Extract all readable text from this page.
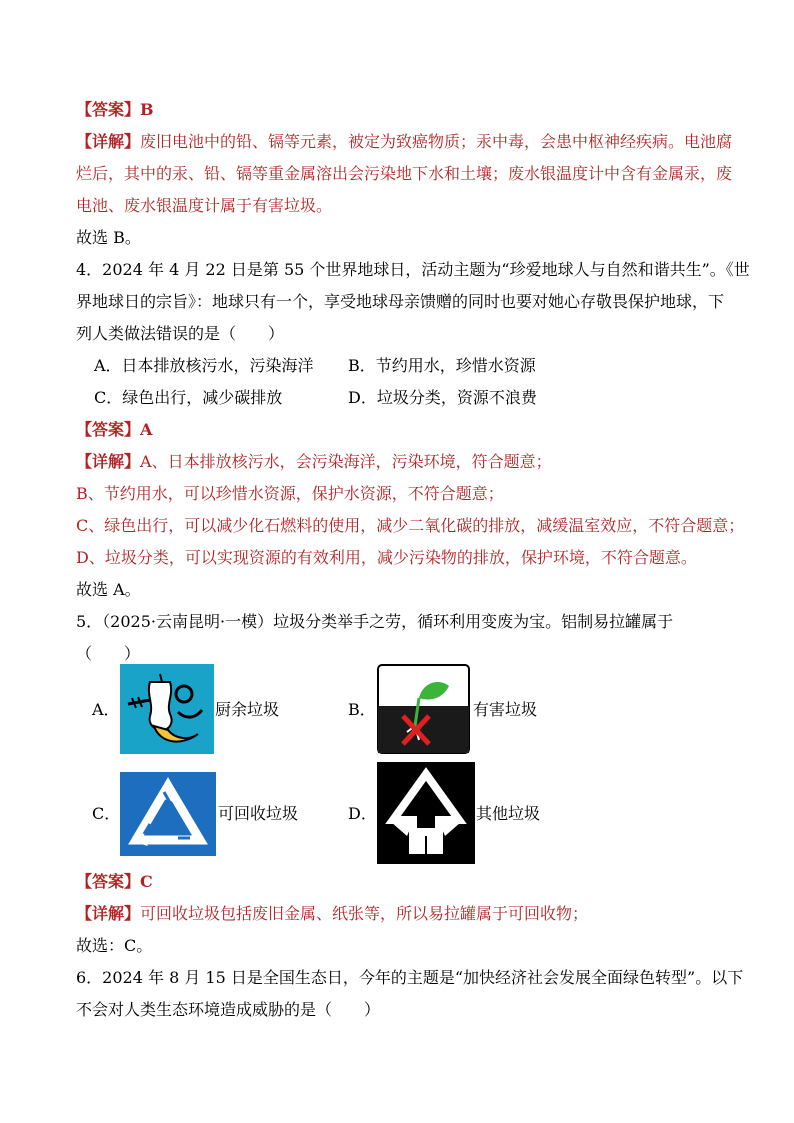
【答案】B
【详解】废旧电池中的铅、镉等元素，被定为致癌物质；汞中毒，会患中枢神经疾病。电池腐
烂后，其中的汞、铅、镉等重金属溶出会污染地下水和土壤；废水银温度计中含有金属汞，废
电池、废水银温度计属于有害垃圾。
故选 B。
4．2024 年 4 月 22 日是第 55 个世界地球日，活动主题为“珍爱地球人与自然和谐共生”。《世
界地球日的宗旨》：地球只有一个，享受地球母亲馈赠的同时也要对她心存敬畏保护地球，下
列人类做法错误的是（　　）
A．日本排放核污水，污染海洋 B．节约用水，珍惜水资源
C．绿色出行，减少碳排放	D．垃圾分类，资源不浪费
【答案】A
【详解】A、日本排放核污水，会污染海洋，污染环境，符合题意；
B、节约用水，可以珍惜水资源，保护水资源，不符合题意；
C、绿色出行，可以减少化石燃料的使用，减少二氧化碳的排放，减缓温室效应，不符合题意；
D、垃圾分类，可以实现资源的有效利用，减少污染物的排放，保护环境，不符合题意。
故选 A。
5．（2025·云南昆明·一模）垃圾分类举手之劳，循环利用变废为宝。铝制易拉罐属于
（　　）
A．	厨余垃圾	B．	有害垃圾
C．	可回收垃圾	D．	其他垃圾
【答案】C
【详解】可回收垃圾包括废旧金属、纸张等，所以易拉罐属于可回收物；
故选：C。
6．2024 年 8 月 15 日是全国生态日，今年的主题是“加快经济社会发展全面绿色转型”。以下
不会对人类生态环境造成威胁的是（　　）
